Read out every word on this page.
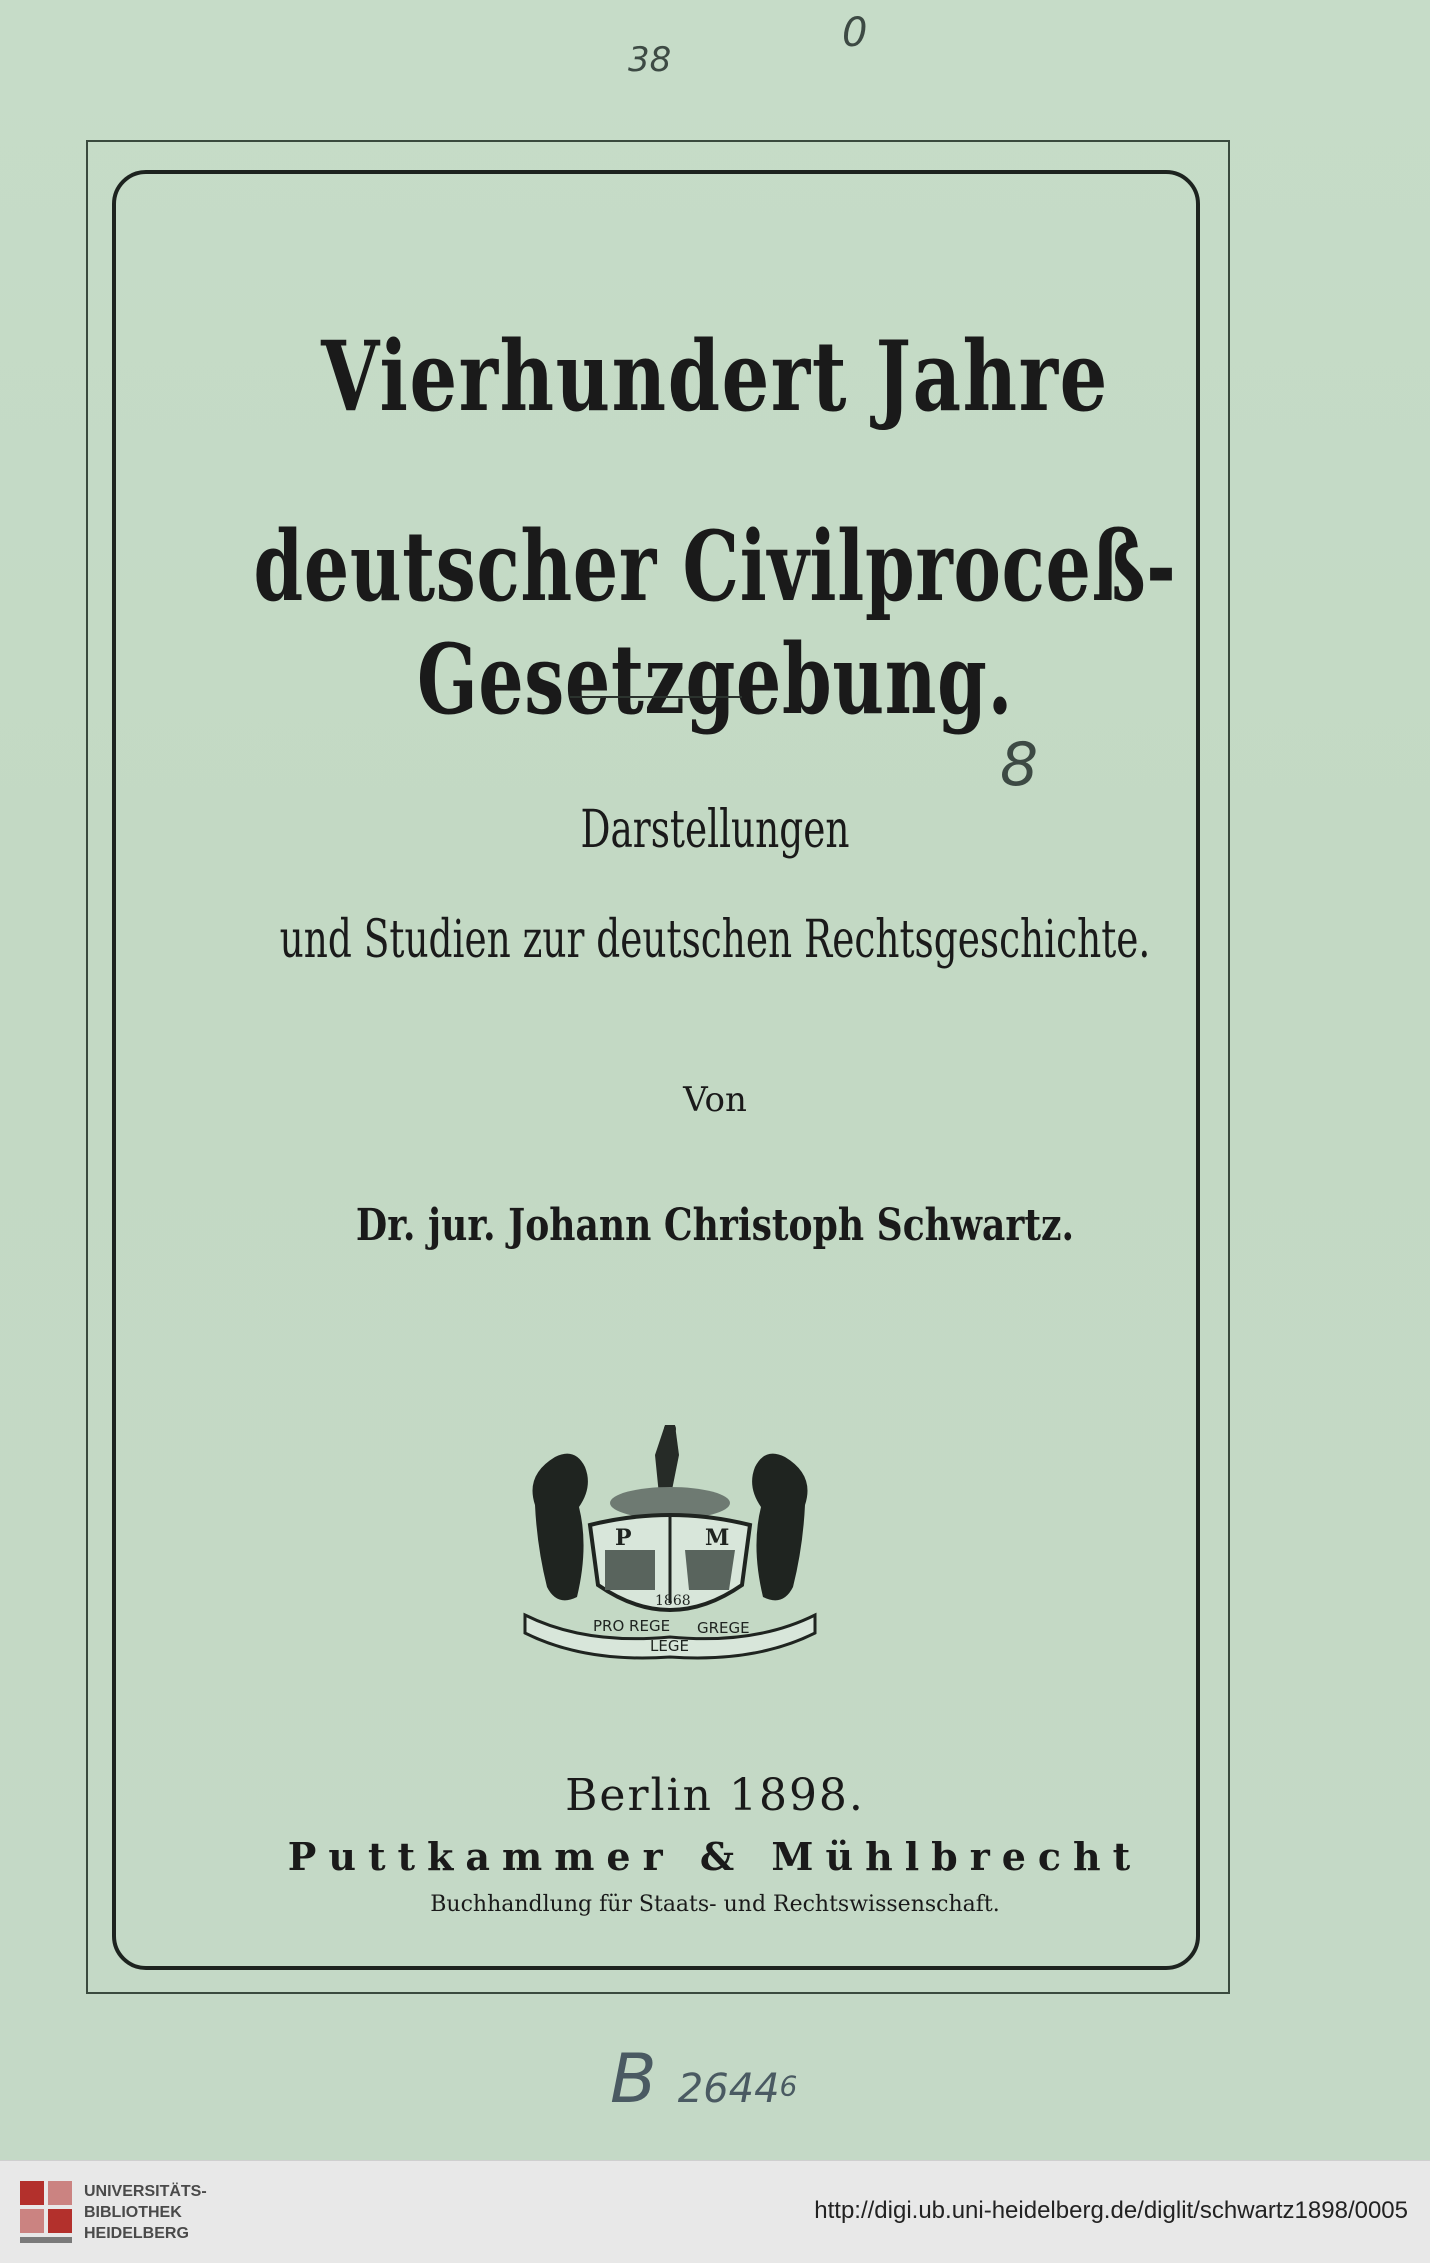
38
0
Vierhundert Jahre
deutscher Civilproceß-Gesetzgebung.
8
Darstellungen
und Studien zur deutschen Rechtsgeschichte.
Von
Dr. jur. Johann Christoph Schwartz.
PRO REGE
LEGE
GREGE
P	M
1868
Berlin 1898.
Puttkammer & Mühlbrecht
Buchhandlung für Staats- und Rechtswissenschaft.
B 2644$^6$
UNIVERSITÄTS-
BIBLIOTHEK
HEIDELBERG
http://digi.ub.uni-heidelberg.de/diglit/schwartz1898/0005
